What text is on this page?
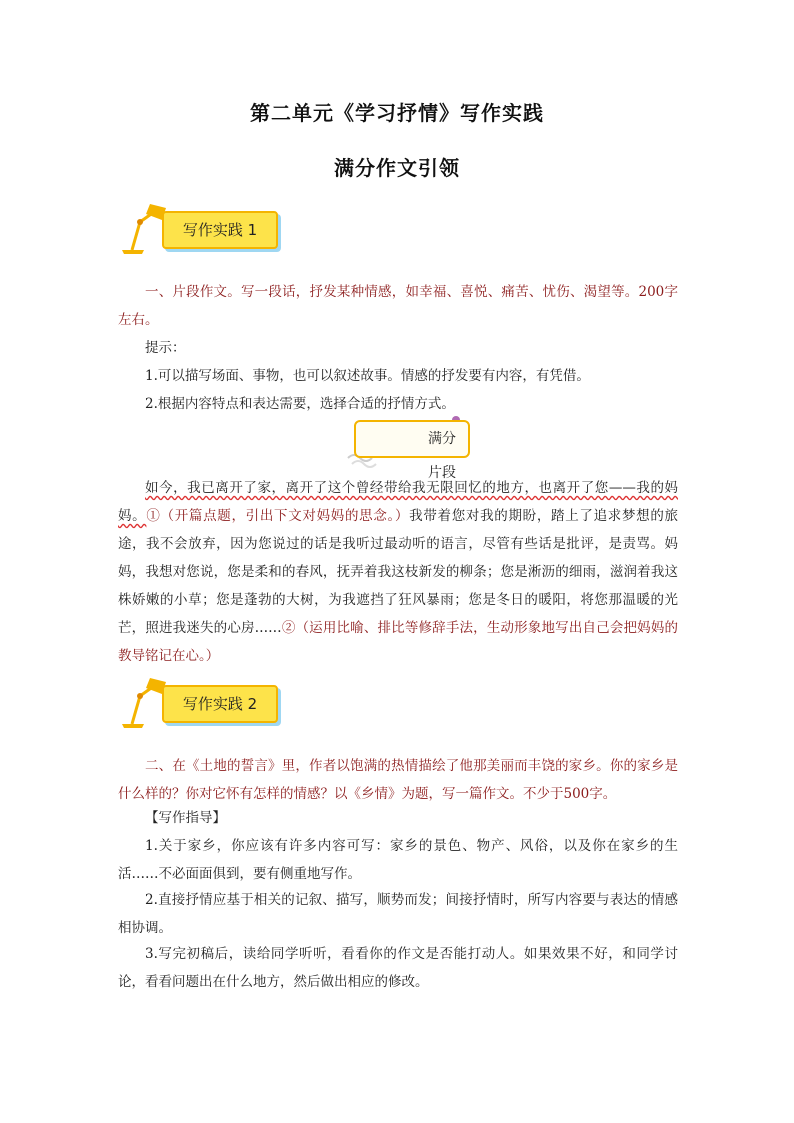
第二单元《学习抒情》写作实践
满分作文引领
写作实践 1
一、片段作文。写一段话，抒发某种情感，如幸福、喜悦、痛苦、忧伤、渴望等。200字左右。
提示：
1.可以描写场面、事物，也可以叙述故事。情感的抒发要有内容，有凭借。
2.根据内容特点和表达需要，选择合适的抒情方式。
满分片段
如今，我已离开了家，离开了这个曾经带给我无限回忆的地方，也离开了您——我的妈妈。①（开篇点题，引出下文对妈妈的思念。）我带着您对我的期盼，踏上了追求梦想的旅途，我不会放弃，因为您说过的话是我听过最动听的语言，尽管有些话是批评，是责骂。妈妈，我想对您说，您是柔和的春风，抚弄着我这枝新发的柳条；您是淅沥的细雨，滋润着我这株娇嫩的小草；您是蓬勃的大树，为我遮挡了狂风暴雨；您是冬日的暖阳，将您那温暖的光芒，照进我迷失的心房……②（运用比喻、排比等修辞手法，生动形象地写出自己会把妈妈的教导铭记在心。）
写作实践 2
二、在《土地的誓言》里，作者以饱满的热情描绘了他那美丽而丰饶的家乡。你的家乡是什么样的？你对它怀有怎样的情感？以《乡情》为题，写一篇作文。不少于500字。
【写作指导】
1.关于家乡，你应该有许多内容可写：家乡的景色、物产、风俗，以及你在家乡的生活……不必面面俱到，要有侧重地写作。
2.直接抒情应基于相关的记叙、描写，顺势而发；间接抒情时，所写内容要与表达的情感相协调。
3.写完初稿后，读给同学听听，看看你的作文是否能打动人。如果效果不好，和同学讨论，看看问题出在什么地方，然后做出相应的修改。
